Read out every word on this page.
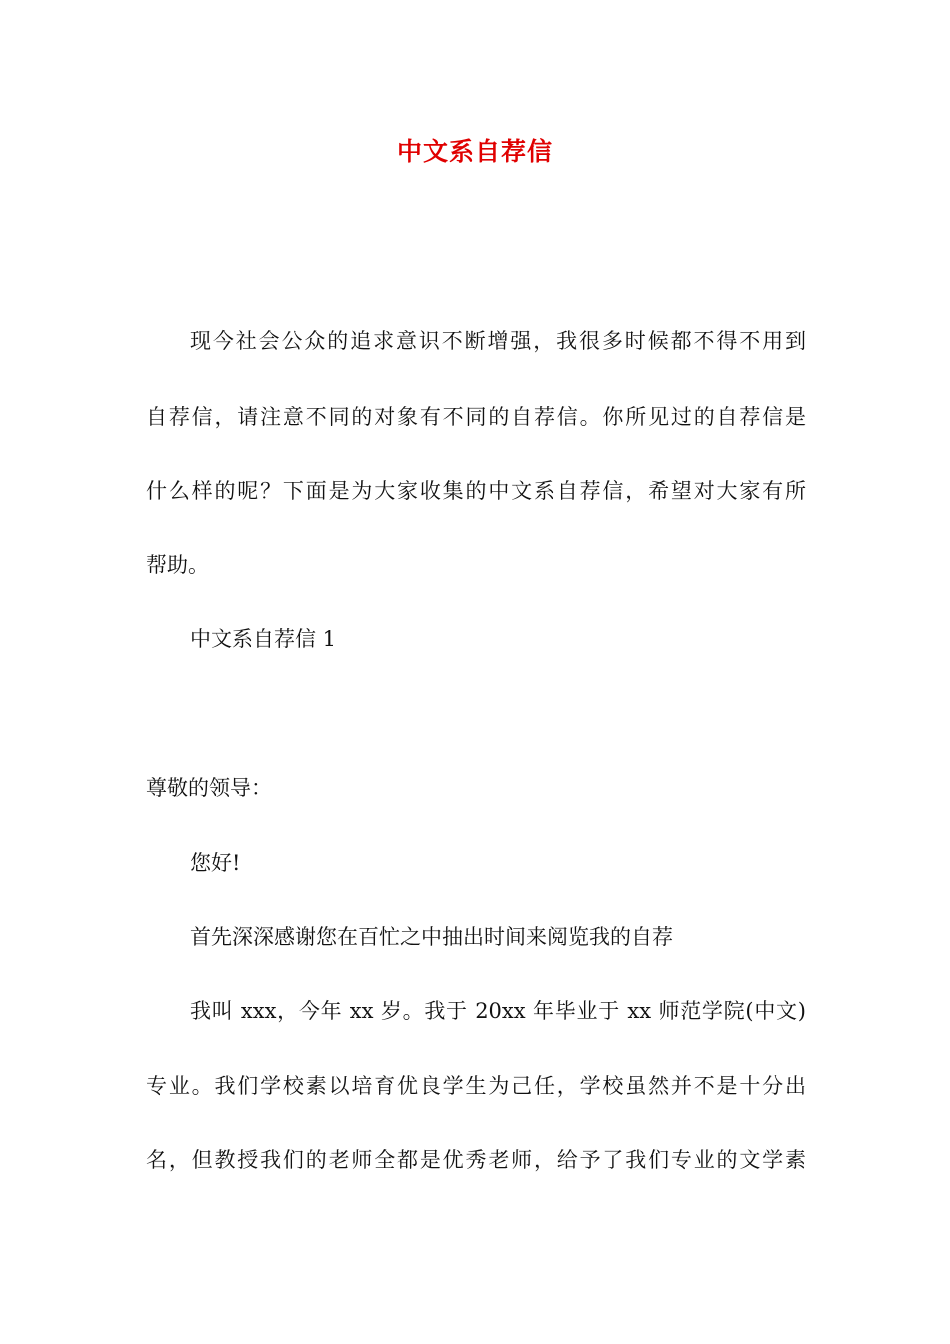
中文系自荐信
现今社会公众的追求意识不断增强，我很多时候都不得不用到
自荐信，请注意不同的对象有不同的自荐信。你所见过的自荐信是
什么样的呢？下面是为大家收集的中文系自荐信，希望对大家有所
帮助。
中文系自荐信 1
尊敬的领导：
您好!
首先深深感谢您在百忙之中抽出时间来阅览我的自荐
我叫 xxx，今年 xx 岁。我于 20xx 年毕业于 xx 师范学院(中文)
专业。我们学校素以培育优良学生为己任，学校虽然并不是十分出
名，但教授我们的老师全都是优秀老师，给予了我们专业的文学素
